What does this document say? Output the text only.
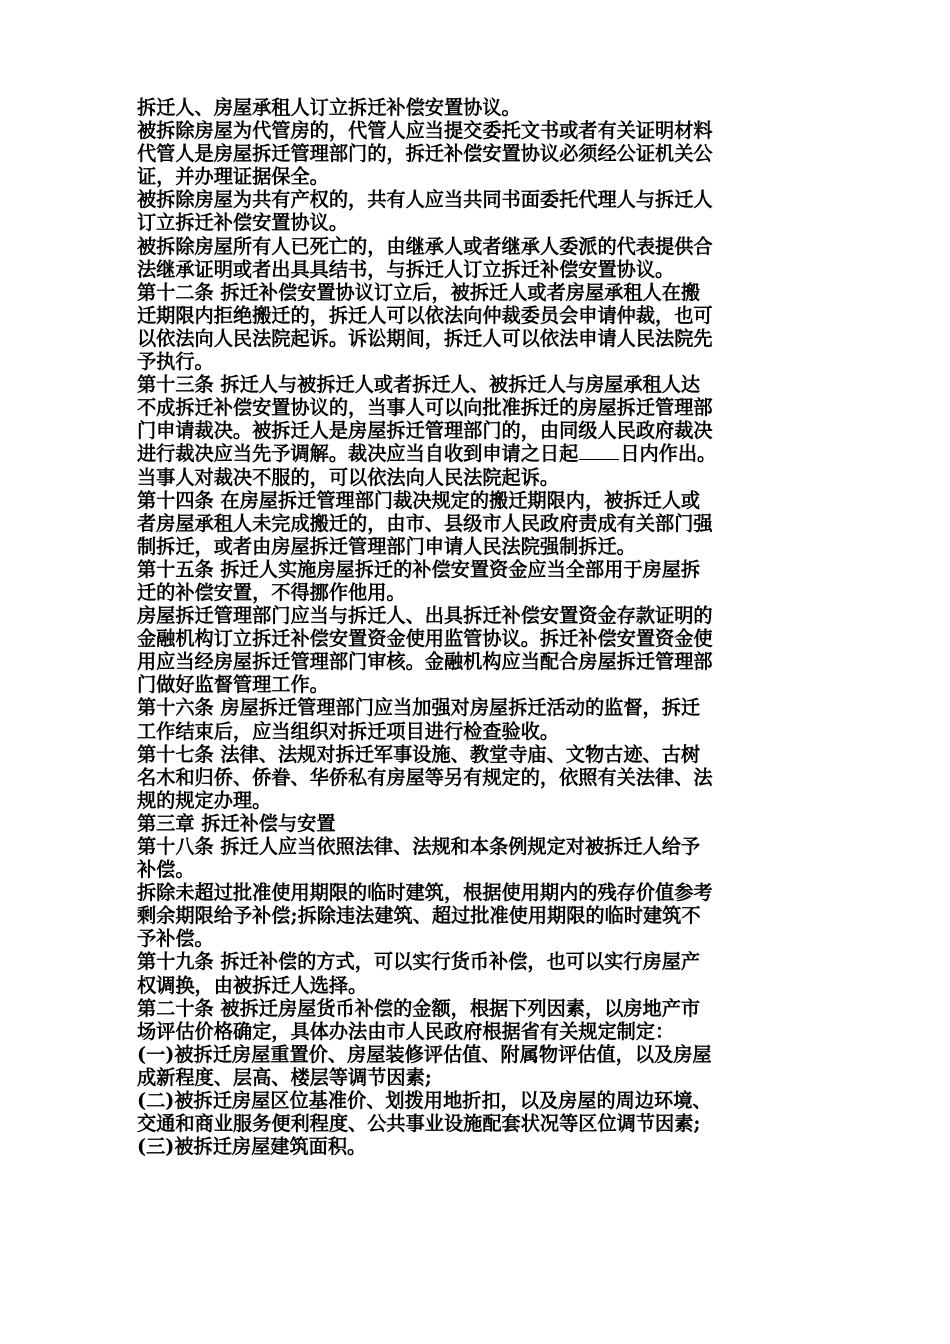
拆迁人、房屋承租人订立拆迁补偿安置协议。
被拆除房屋为代管房的，代管人应当提交委托文书或者有关证明材料
代管人是房屋拆迁管理部门的，拆迁补偿安置协议必须经公证机关公
证，并办理证据保全。
被拆除房屋为共有产权的，共有人应当共同书面委托代理人与拆迁人
订立拆迁补偿安置协议。
被拆除房屋所有人已死亡的，由继承人或者继承人委派的代表提供合
法继承证明或者出具具结书，与拆迁人订立拆迁补偿安置协议。
第十二条 拆迁补偿安置协议订立后，被拆迁人或者房屋承租人在搬
迁期限内拒绝搬迁的，拆迁人可以依法向仲裁委员会申请仲裁，也可
以依法向人民法院起诉。诉讼期间，拆迁人可以依法申请人民法院先
予执行。
第十三条 拆迁人与被拆迁人或者拆迁人、被拆迁人与房屋承租人达
不成拆迁补偿安置协议的，当事人可以向批准拆迁的房屋拆迁管理部
门申请裁决。被拆迁人是房屋拆迁管理部门的，由同级人民政府裁决
进行裁决应当先予调解。裁决应当自收到申请之日起 日内作出。
当事人对裁决不服的，可以依法向人民法院起诉。
第十四条 在房屋拆迁管理部门裁决规定的搬迁期限内，被拆迁人或
者房屋承租人未完成搬迁的，由市、县级市人民政府责成有关部门强
制拆迁，或者由房屋拆迁管理部门申请人民法院强制拆迁。
第十五条 拆迁人实施房屋拆迁的补偿安置资金应当全部用于房屋拆
迁的补偿安置，不得挪作他用。
房屋拆迁管理部门应当与拆迁人、出具拆迁补偿安置资金存款证明的
金融机构订立拆迁补偿安置资金使用监管协议。拆迁补偿安置资金使
用应当经房屋拆迁管理部门审核。金融机构应当配合房屋拆迁管理部
门做好监督管理工作。
第十六条 房屋拆迁管理部门应当加强对房屋拆迁活动的监督，拆迁
工作结束后，应当组织对拆迁项目进行检查验收。
第十七条 法律、法规对拆迁军事设施、教堂寺庙、文物古迹、古树
名木和归侨、侨眷、华侨私有房屋等另有规定的，依照有关法律、法
规的规定办理。
第三章 拆迁补偿与安置
第十八条 拆迁人应当依照法律、法规和本条例规定对被拆迁人给予
补偿。
拆除未超过批准使用期限的临时建筑，根据使用期内的残存价值参考
剩余期限给予补偿;拆除违法建筑、超过批准使用期限的临时建筑不
予补偿。
第十九条 拆迁补偿的方式，可以实行货币补偿，也可以实行房屋产
权调换，由被拆迁人选择。
第二十条 被拆迁房屋货币补偿的金额，根据下列因素，以房地产市
场评估价格确定，具体办法由市人民政府根据省有关规定制定：
(一)被拆迁房屋重置价、房屋装修评估值、附属物评估值，以及房屋
成新程度、层高、楼层等调节因素;
(二)被拆迁房屋区位基准价、划拨用地折扣，以及房屋的周边环境、
交通和商业服务便利程度、公共事业设施配套状况等区位调节因素;
(三)被拆迁房屋建筑面积。
